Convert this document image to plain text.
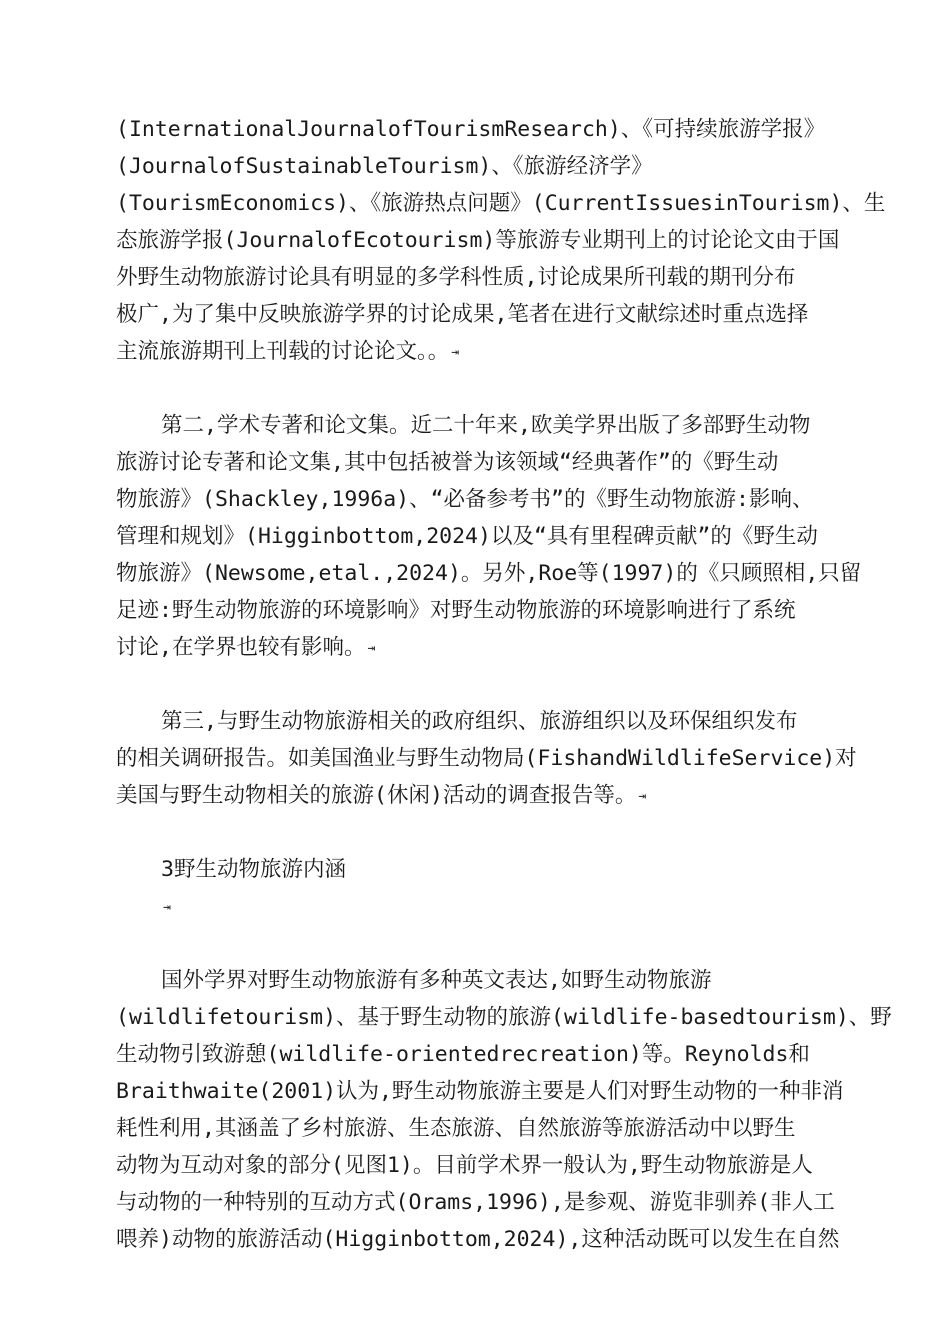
(InternationalJournalofTourismResearch)、《可持续旅游学报》
(JournalofSustainableTourism)、《旅游经济学》
(TourismEconomics)、《旅游热点问题》(CurrentIssuesinTourism)、生
态旅游学报(JournalofEcotourism)等旅游专业期刊上的讨论论文由于国
外野生动物旅游讨论具有明显的多学科性质,讨论成果所刊载的期刊分布
极广,为了集中反映旅游学界的讨论成果,笔者在进行文献综述时重点选择
主流旅游期刊上刊载的讨论论文。。 ⇥
第二,学术专著和论文集。近二十年来,欧美学界出版了多部野生动物
旅游讨论专著和论文集,其中包括被誉为该领域“经典著作”的《野生动
物旅游》(Shackley,1996a)、“必备参考书”的《野生动物旅游:影响、
管理和规划》(Higginbottom,2024)以及“具有里程碑贡献”的《野生动
物旅游》(Newsome,etal.,2024)。另外,Roe等(1997)的《只顾照相,只留
足迹:野生动物旅游的环境影响》对野生动物旅游的环境影响进行了系统
讨论,在学界也较有影响。 ⇥
第三,与野生动物旅游相关的政府组织、旅游组织以及环保组织发布
的相关调研报告。如美国渔业与野生动物局(FishandWildlifeService)对
美国与野生动物相关的旅游(休闲)活动的调查报告等。 ⇥
3野生动物旅游内涵
⇥
国外学界对野生动物旅游有多种英文表达,如野生动物旅游
(wildlifetourism)、基于野生动物的旅游(wildlife-basedtourism)、野
生动物引致游憩(wildlife-orientedrecreation)等。Reynolds和
Braithwaite(2001)认为,野生动物旅游主要是人们对野生动物的一种非消
耗性利用,其涵盖了乡村旅游、生态旅游、自然旅游等旅游活动中以野生
动物为互动对象的部分(见图1)。目前学术界一般认为,野生动物旅游是人
与动物的一种特别的互动方式(Orams,1996),是参观、游览非驯养(非人工
喂养)动物的旅游活动(Higginbottom,2024),这种活动既可以发生在自然
